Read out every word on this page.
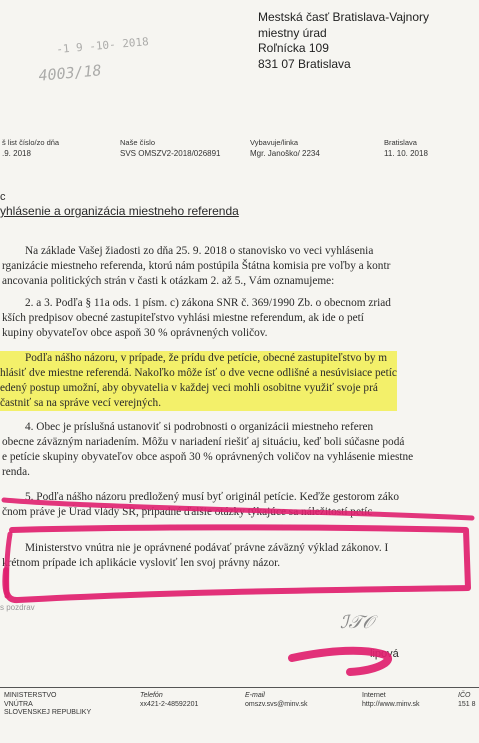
Mestská časť Bratislava-Vajnory
miestny úrad
Roľnícka 109
831 07 Bratislava
-1 9 -10- 2018
4003/18
š list číslo/zo dňa
.9. 2018
Naše číslo
SVS OMSZV2-2018/026891
Vybavuje/linka
Mgr. Janoško/ 2234
Bratislava
11. 10. 2018
c
yhlásenie a organizácia miestneho referenda
Na základe Vašej žiadosti zo dňa 25. 9. 2018 o stanovisko vo veci vyhlásenia
rganizácie miestneho referenda, ktorú nám postúpila Štátna komisia pre voľby a kontr
ancovania politických strán v časti k otázkam 2. až 5., Vám oznamujeme:
2. a 3. Podľa § 11a ods. 1 písm. c) zákona SNR č. 369/1990 Zb. o obecnom zriad
kších predpisov obecné zastupiteľstvo vyhlási miestne referendum, ak ide o petí
kupiny obyvateľov obce aspoň 30 % oprávnených voličov.
Podľa nášho názoru, v prípade, že prídu dve petície, obecné zastupiteľstvo by m
hlásiť dve miestne referendá. Nakoľko môže ísť o dve vecne odlišné a nesúvisiace petíc
edený postup umožní, aby obyvatelia v každej veci mohli osobitne využiť svoje prá
častniť sa na správe vecí verejných.
4. Obec je príslušná ustanoviť si podrobnosti o organizácii miestneho referen
obecne záväzným nariadením. Môžu v nariadení riešiť aj situáciu, keď boli súčasne podá
e petície skupiny obyvateľov obce aspoň 30 % oprávnených voličov na vyhlásenie miestne
renda.
5. Podľa nášho názoru predložený musí byť originál petície. Keďže gestorom záko
čnom práve je Úrad vlády SR, prípadné ďalšie otázky týkajúce sa náležitostí petíc
Ministerstvo vnútra nie je oprávnené podávať právne záväzný výklad zákonov. I
krétnom prípade ich aplikácie vysloviť len svoj právny názor.
s pozdrav
ℐ𝒯𝒪
lipová
MINISTERSTVO
VNÚTRA
SLOVENSKEJ REPUBLIKY
Telefón
xx421-2-48592201
E-mail
omszv.svs@minv.sk
Internet
http://www.minv.sk
IČO
151 8
